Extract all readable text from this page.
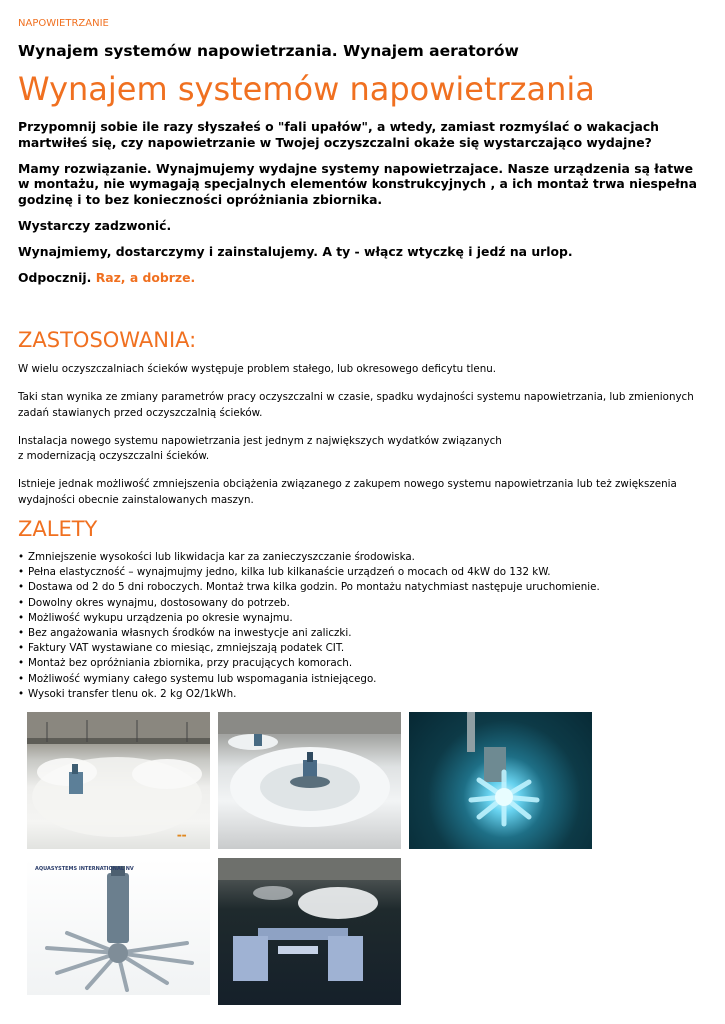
NAPOWIETRZANIE
Wynajem systemów napowietrzania. Wynajem aeratorów
Wynajem systemów napowietrzania

Przypomnij sobie ile razy słyszałeś o "fali upałów", a wtedy, zamiast rozmyślać o wakacjach martwiłeś się, czy napowietrzanie w Twojej oczyszczalni okaże się wystarczająco wydajne?

Mamy rozwiązanie. Wynajmujemy wydajne systemy napowietrzajace. Nasze urządzenia są łatwe w montażu, nie wymagają specjalnych elementów konstrukcyjnych , a ich montaż trwa niespełna godzinę i to bez konieczności opróżniania zbiornika.

Wystarczy zadzwonić.

Wynajmiemy, dostarczymy i zainstalujemy. A ty - włącz wtyczkę i jedź na urlop.

Odpocznij. Raz, a dobrze.

ZASTOSOWANIA:

W wielu oczyszczalniach ścieków występuje problem stałego, lub okresowego deficytu tlenu.

Taki stan wynika ze zmiany parametrów pracy oczyszczalni w czasie, spadku wydajności systemu napowietrzania, lub zmienionych zadań stawianych przed oczyszczalnią ścieków.

Instalacja nowego systemu napowietrzania jest jednym z największych wydatków związanych
z modernizacją oczyszczalni ścieków.

Istnieje jednak możliwość zmniejszenia obciążenia związanego z zakupem nowego systemu napowietrzania lub też zwiększenia wydajności obecnie zainstalowanych maszyn.

ZALETY
• Zmniejszenie wysokości lub likwidacja kar za zanieczyszczanie środowiska.
• Pełna elastyczność – wynajmujmy jedno, kilka lub kilkanaście urządzeń o mocach od 4kW do 132 kW.
• Dostawa od 2 do 5 dni roboczych. Montaż trwa kilka godzin. Po montażu natychmiast następuje uruchomienie.
• Dowolny okres wynajmu, dostosowany do potrzeb.
• Możliwość wykupu urządzenia po okresie wynajmu.
• Bez angażowania własnych środków na inwestycje ani zaliczki.
• Faktury VAT wystawiane co miesiąc, zmniejszają podatek CIT.
• Montaż bez opróżniania zbiornika, przy pracujących komorach.
• Możliwość wymiany całego systemu lub wspomagania istniejącego.
• Wysoki transfer tlenu ok. 2 kg O2/1kWh.
▬▬
AQUASYSTEMS INTERNATIONAL NV
